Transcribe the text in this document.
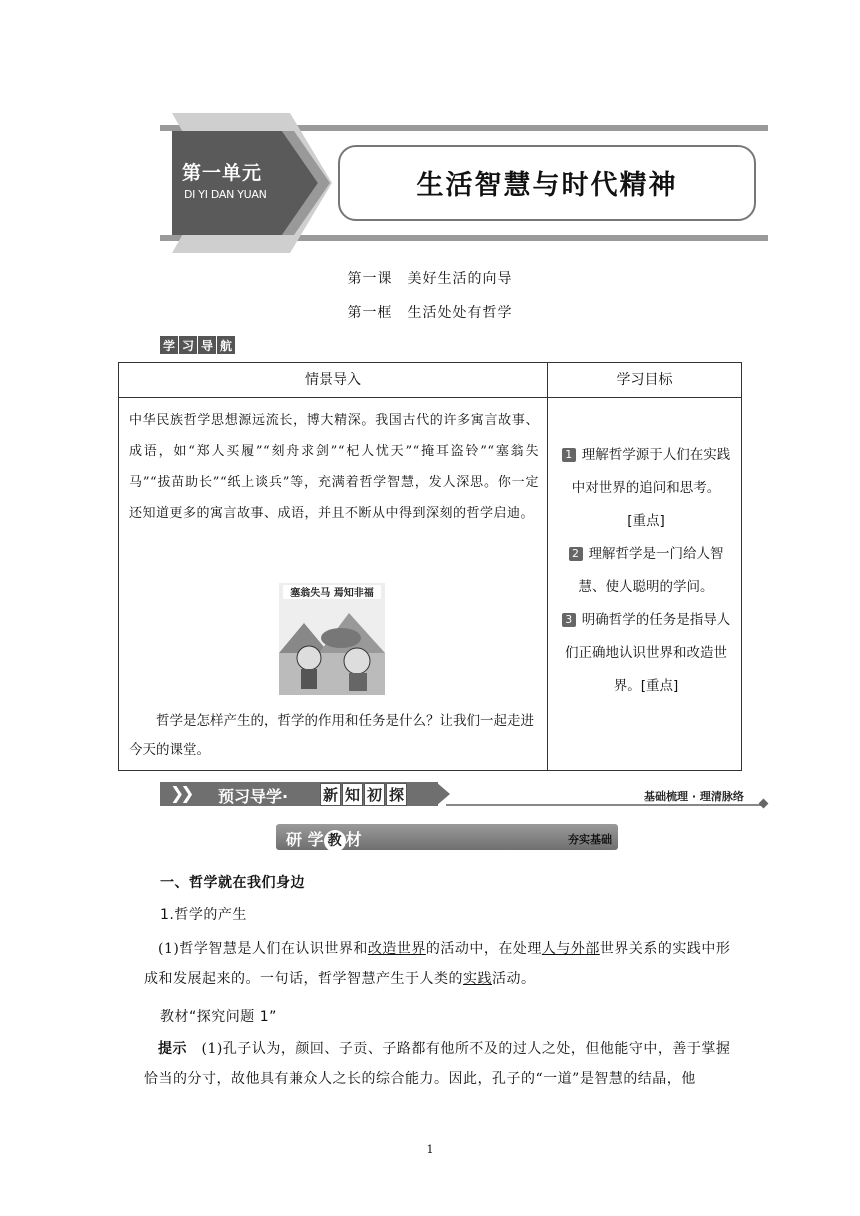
第一单元
DI YI DAN YUAN	生活智慧与时代精神
第一课　美好生活的向导
第一框　生活处处有哲学
学 习 导 航
情景导入	学习目标
中华民族哲学思想源远流长，博大精深。我国古代的许多寓言故事、成语，如“郑人买履”“刻舟求剑”“杞人忧天”“掩耳盗铃”“塞翁失马”“拔苗助长”“纸上谈兵”等，充满着哲学智慧，发人深思。你一定还知道更多的寓言故事、成语，并且不断从中得到深刻的哲学启迪。
塞翁失马 焉知非福
哲学是怎样产生的，哲学的作用和任务是什么？让我们一起走进今天的课堂。
1 理解哲学源于人们在实践中对世界的追问和思考。
[重点]
2 理解哲学是一门给人智慧、使人聪明的学问。
3 明确哲学的任务是指导人们正确地认识世界和改造世界。[重点]
❯❯ 预习导学· 新 知 初 探	基础梳理 · 理清脉络
研 学 教 材	夯实基础
一、哲学就在我们身边
1.哲学的产生
(1)哲学智慧是人们在认识世界和改造世界的活动中，在处理人与外部世界关系的实践中形成和发展起来的。一句话，哲学智慧产生于人类的实践活动。
教材“探究问题 1”
提示　 (1)孔子认为，颜回、子贡、子路都有他所不及的过人之处，但他能守中，善于掌握恰当的分寸，故他具有兼众人之长的综合能力。因此，孔子的“一道”是智慧的结晶，他
1
